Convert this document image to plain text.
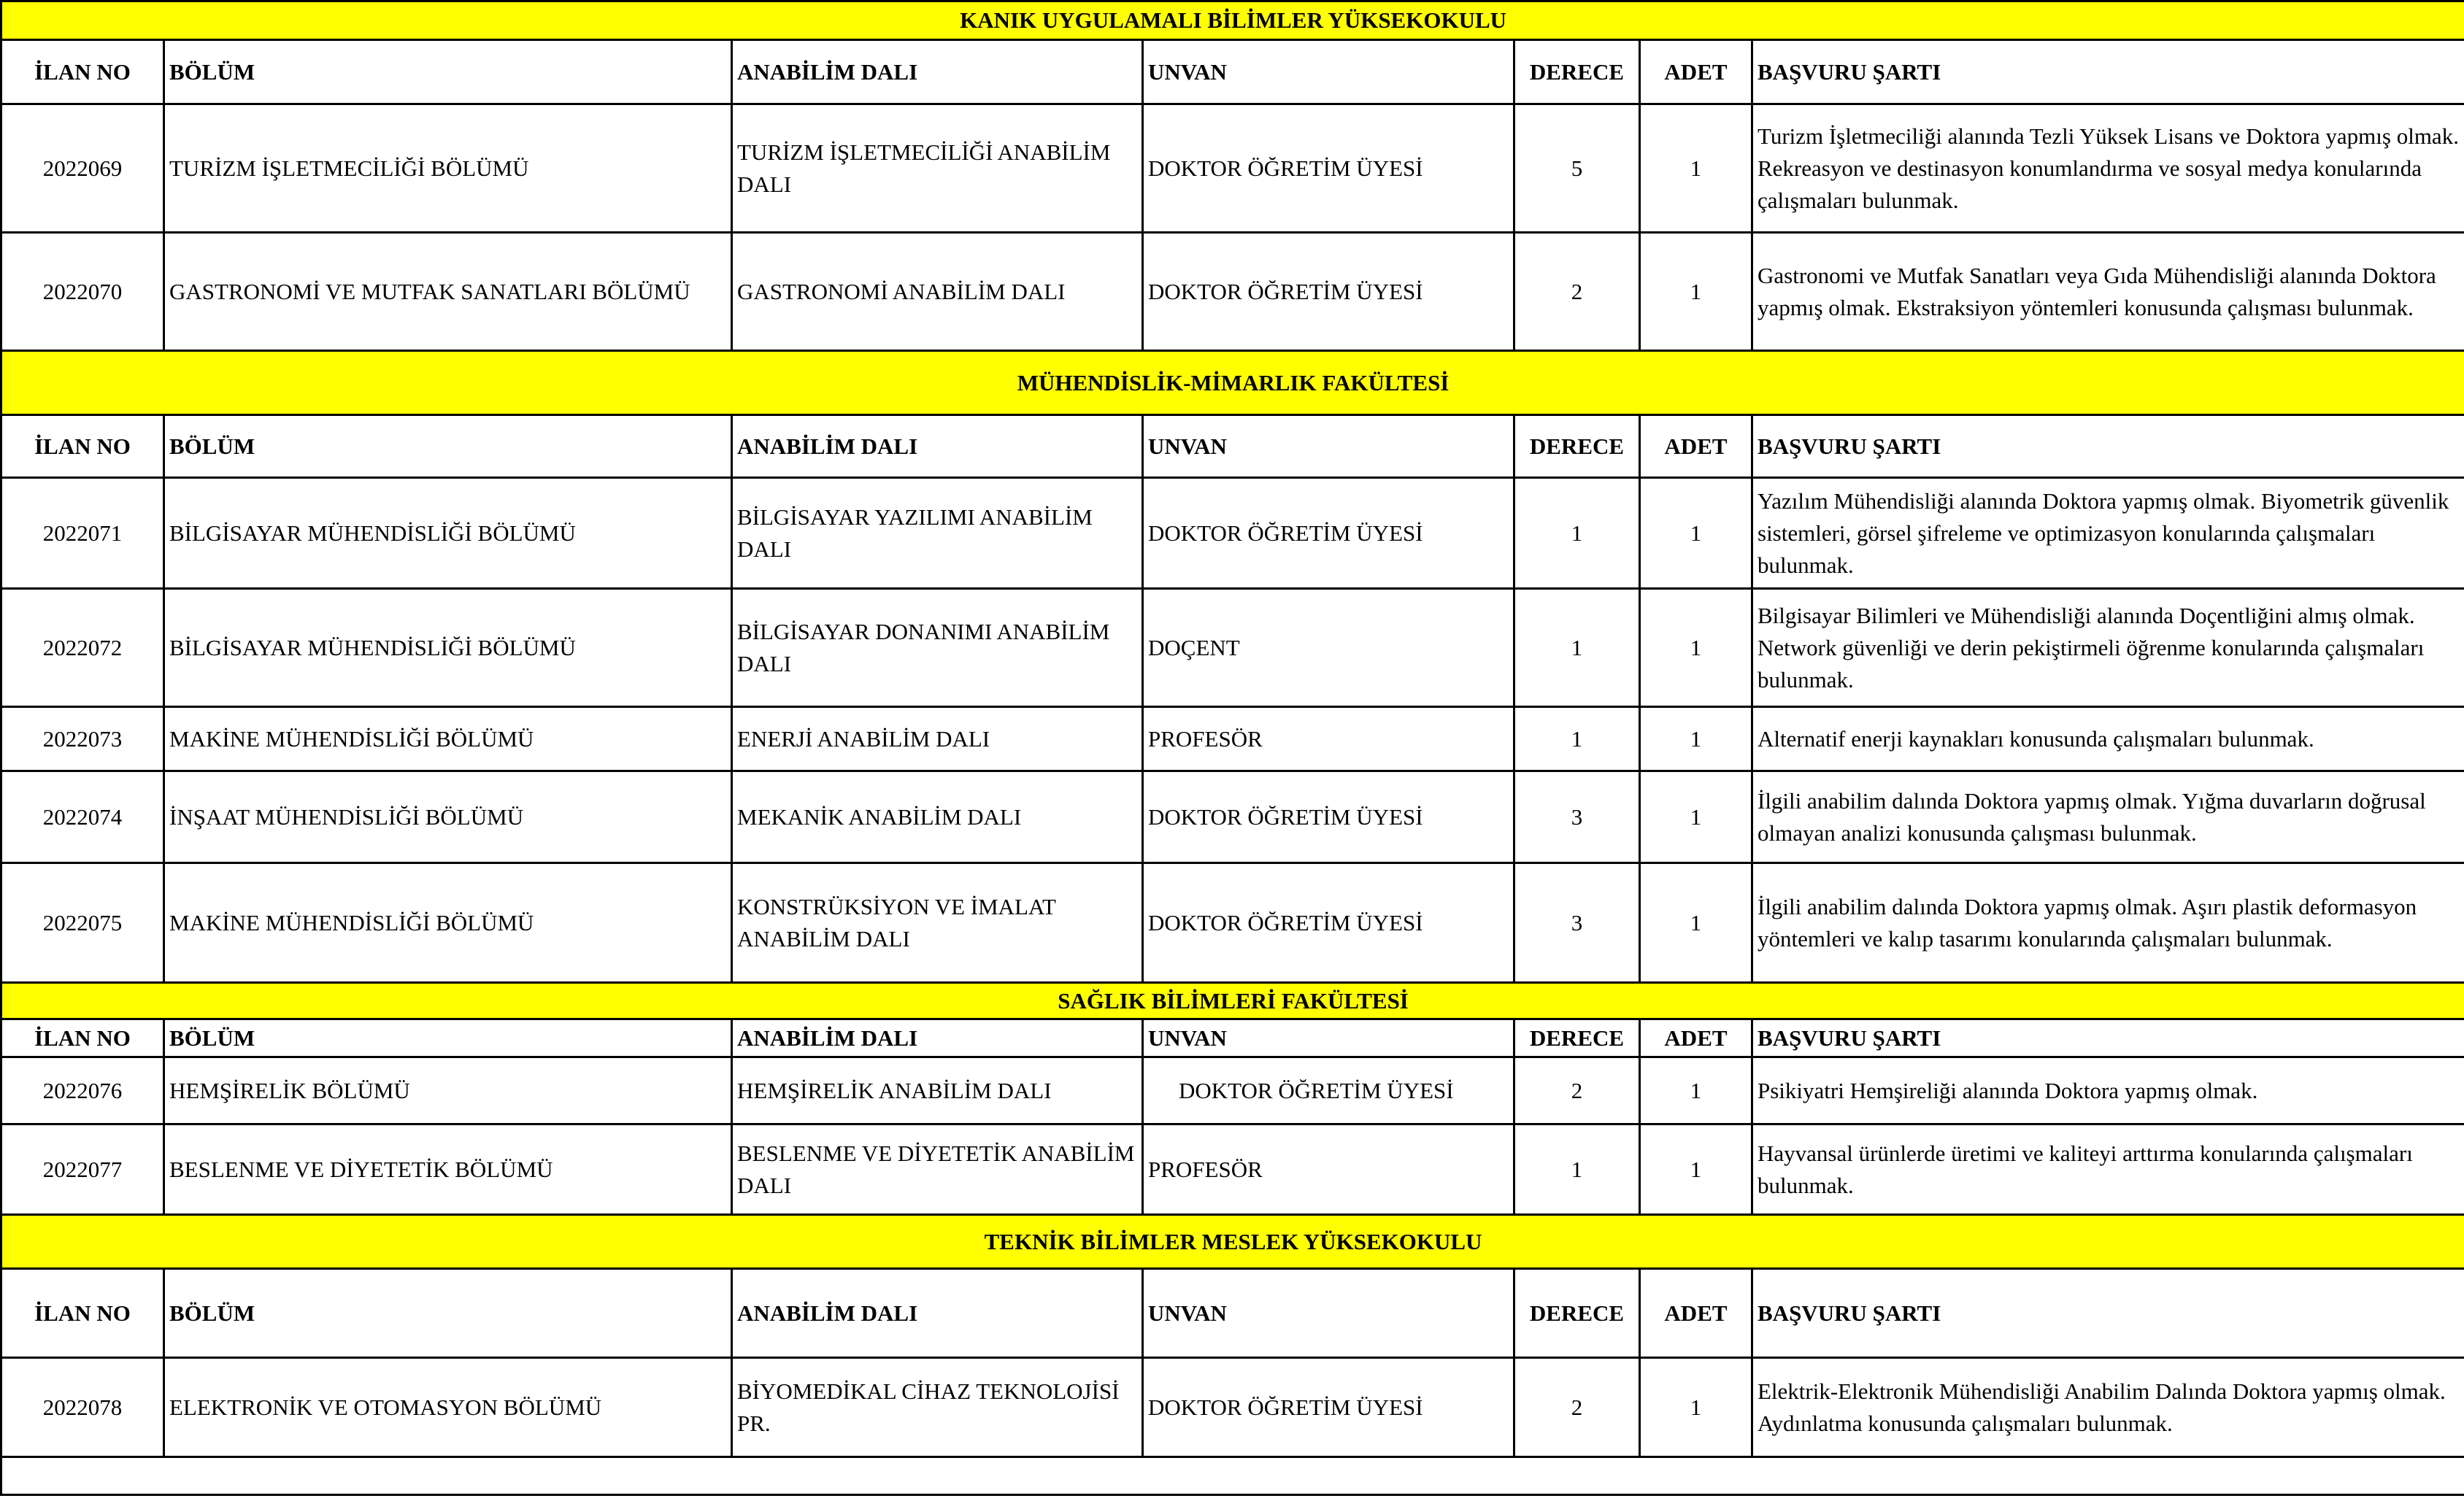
KANIK UYGULAMALI BİLİMLER YÜKSEKOKULU						
İLAN NO	BÖLÜM	ANABİLİM DALI	UNVAN	DERECE	ADET	BAŞVURU ŞARTI
2022069	TURİZM İŞLETMECİLİĞİ BÖLÜMÜ	TURİZM İŞLETMECİLİĞİ ANABİLİM DALI	DOKTOR ÖĞRETİM ÜYESİ	5	1	Turizm İşletmeciliği alanında Tezli Yüksek Lisans ve Doktora yapmış olmak. Rekreasyon ve destinasyon konumlandırma ve sosyal medya konularında çalışmaları bulunmak.
2022070	GASTRONOMİ VE MUTFAK SANATLARI BÖLÜMÜ	GASTRONOMİ ANABİLİM DALI	DOKTOR ÖĞRETİM ÜYESİ	2	1	Gastronomi ve Mutfak Sanatları veya Gıda Mühendisliği alanında Doktora yapmış olmak. Ekstraksiyon yöntemleri konusunda çalışması bulunmak.
MÜHENDİSLİK-MİMARLIK FAKÜLTESİ						
İLAN NO	BÖLÜM	ANABİLİM DALI	UNVAN	DERECE	ADET	BAŞVURU ŞARTI
2022071	BİLGİSAYAR MÜHENDİSLİĞİ BÖLÜMÜ	BİLGİSAYAR YAZILIMI ANABİLİM DALI	DOKTOR ÖĞRETİM ÜYESİ	1	1	Yazılım Mühendisliği alanında Doktora yapmış olmak. Biyometrik güvenlik sistemleri, görsel şifreleme ve optimizasyon konularında çalışmaları bulunmak.
2022072	BİLGİSAYAR MÜHENDİSLİĞİ BÖLÜMÜ	BİLGİSAYAR DONANIMI ANABİLİM DALI	DOÇENT	1	1	Bilgisayar Bilimleri ve Mühendisliği alanında Doçentliğini almış olmak. Network güvenliği ve derin pekiştirmeli öğrenme konularında çalışmaları bulunmak.
2022073	MAKİNE MÜHENDİSLİĞİ BÖLÜMÜ	ENERJİ ANABİLİM DALI	PROFESÖR	1	1	Alternatif enerji kaynakları konusunda çalışmaları bulunmak.
2022074	İNŞAAT MÜHENDİSLİĞİ BÖLÜMÜ	MEKANİK ANABİLİM DALI	DOKTOR ÖĞRETİM ÜYESİ	3	1	İlgili anabilim dalında Doktora yapmış olmak. Yığma duvarların doğrusal olmayan analizi konusunda çalışması bulunmak.
2022075	MAKİNE MÜHENDİSLİĞİ BÖLÜMÜ	KONSTRÜKSİYON VE İMALAT ANABİLİM DALI	DOKTOR ÖĞRETİM ÜYESİ	3	1	İlgili anabilim dalında Doktora yapmış olmak. Aşırı plastik deformasyon yöntemleri ve kalıp tasarımı konularında çalışmaları bulunmak.
SAĞLIK BİLİMLERİ FAKÜLTESİ						
İLAN NO	BÖLÜM	ANABİLİM DALI	UNVAN	DERECE	ADET	BAŞVURU ŞARTI
2022076	HEMŞİRELİK BÖLÜMÜ	HEMŞİRELİK ANABİLİM DALI	DOKTOR ÖĞRETİM ÜYESİ	2	1	Psikiyatri Hemşireliği alanında Doktora yapmış olmak.
2022077	BESLENME VE DİYETETİK BÖLÜMÜ	BESLENME VE DİYETETİK ANABİLİM DALI	PROFESÖR	1	1	Hayvansal ürünlerde üretimi ve kaliteyi arttırma konularında çalışmaları bulunmak.
TEKNİK BİLİMLER MESLEK YÜKSEKOKULU						
İLAN NO	BÖLÜM	ANABİLİM DALI	UNVAN	DERECE	ADET	BAŞVURU ŞARTI
2022078	ELEKTRONİK VE OTOMASYON BÖLÜMÜ	BİYOMEDİKAL CİHAZ TEKNOLOJİSİ PR.	DOKTOR ÖĞRETİM ÜYESİ	2	1	Elektrik-Elektronik Mühendisliği Anabilim Dalında Doktora yapmış olmak. Aydınlatma konusunda çalışmaları bulunmak.
